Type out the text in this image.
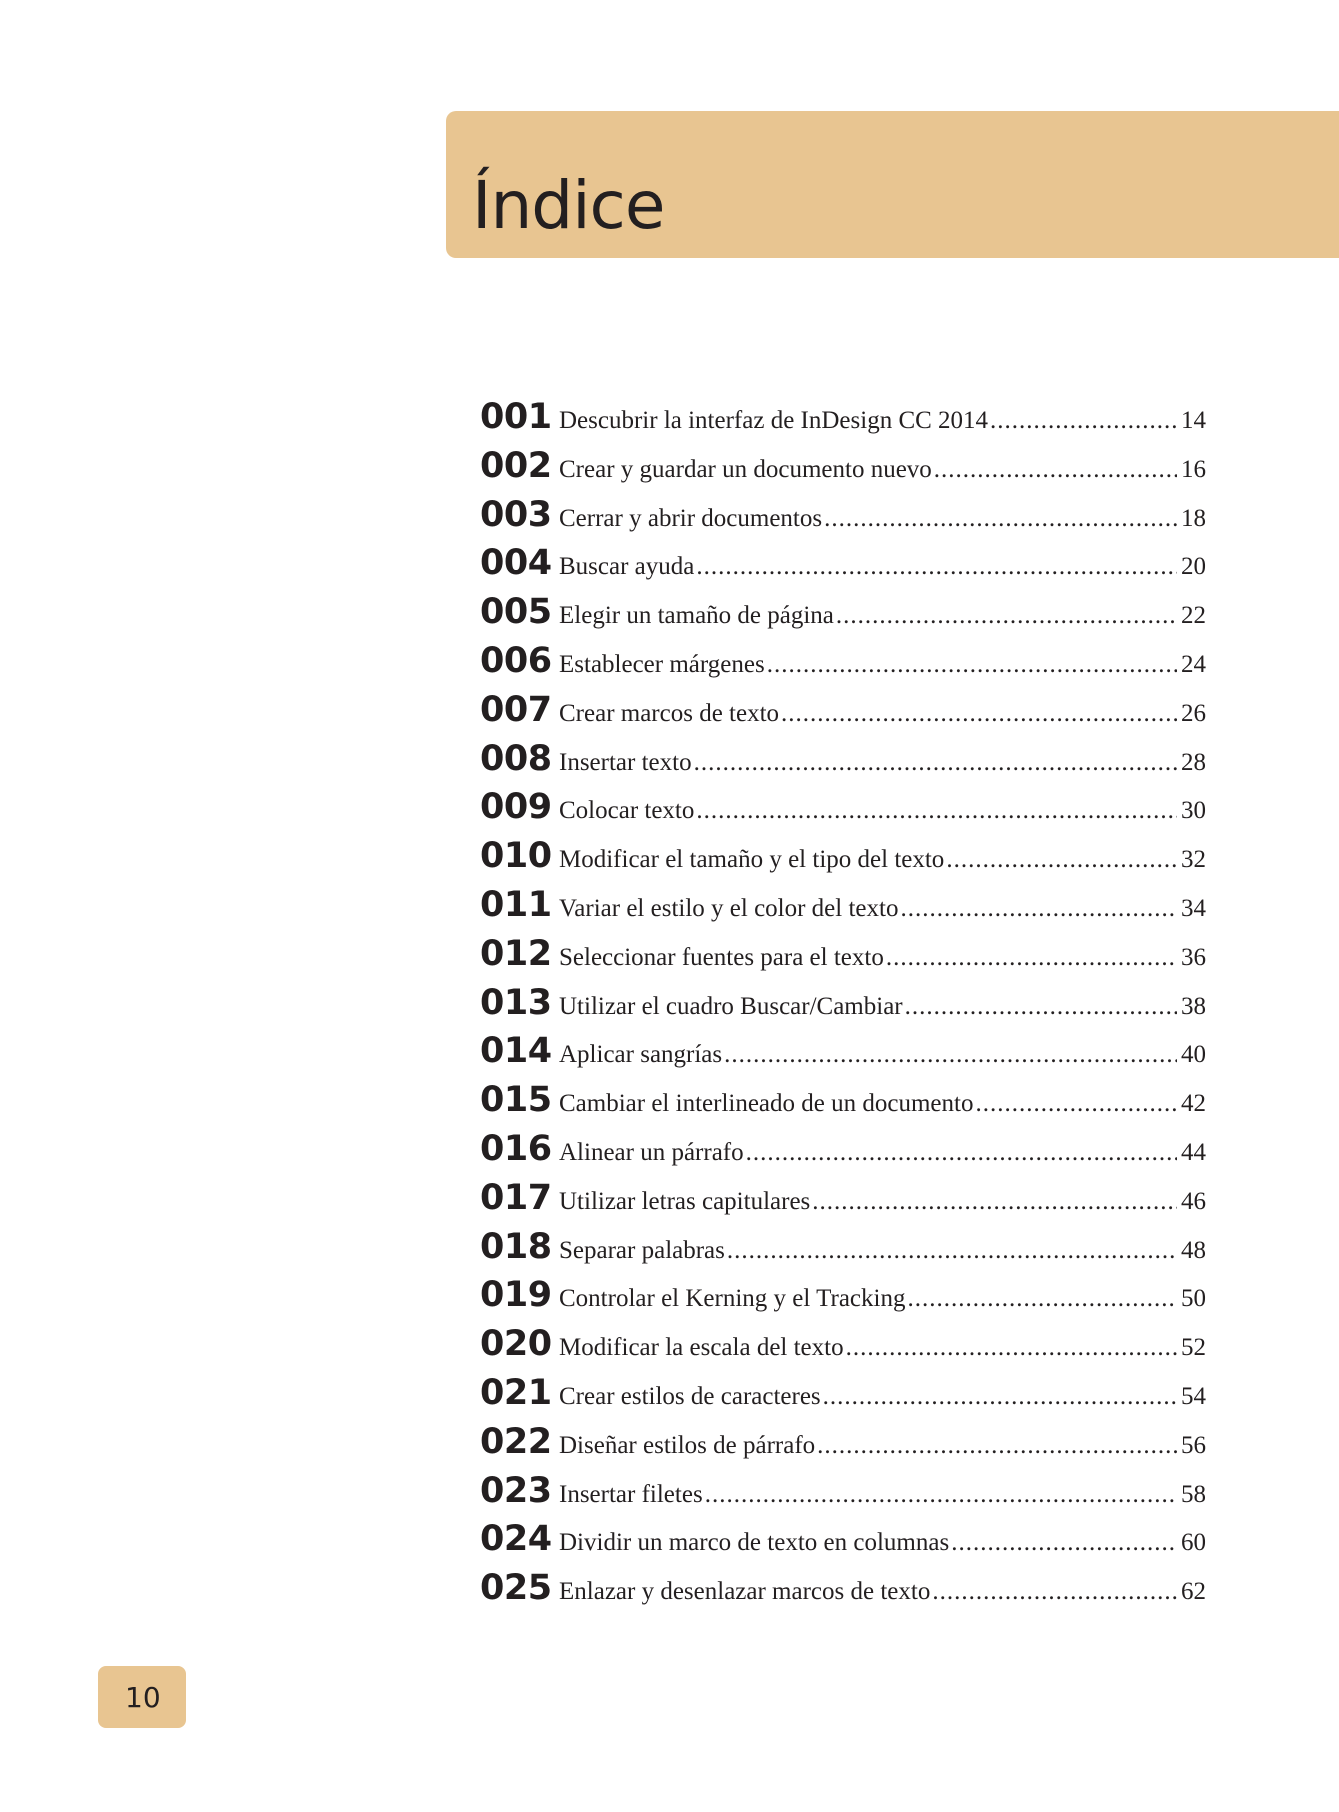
Índice
001 Descubrir la interfaz de InDesign CC 2014 .....	14
002 Crear y guardar un documento nuevo .....	16
003 Cerrar y abrir documentos .....	18
004 Buscar ayuda .....	20
005 Elegir un tamaño de página .....	22
006 Establecer márgenes .....	24
007 Crear marcos de texto .....	26
008 Insertar texto .....	28
009 Colocar texto .....	30
010 Modificar el tamaño y el tipo del texto .....	32
011 Variar el estilo y el color del texto .....	34
012 Seleccionar fuentes para el texto .....	36
013 Utilizar el cuadro Buscar/Cambiar .....	38
014 Aplicar sangrías .....	40
015 Cambiar el interlineado de un documento .....	42
016 Alinear un párrafo .....	44
017 Utilizar letras capitulares .....	46
018 Separar palabras .....	48
019 Controlar el Kerning y el Tracking .....	50
020 Modificar la escala del texto .....	52
021 Crear estilos de caracteres .....	54
022 Diseñar estilos de párrafo .....	56
023 Insertar filetes .....	58
024 Dividir un marco de texto en columnas .....	60
025 Enlazar y desenlazar marcos de texto .....	62
10
